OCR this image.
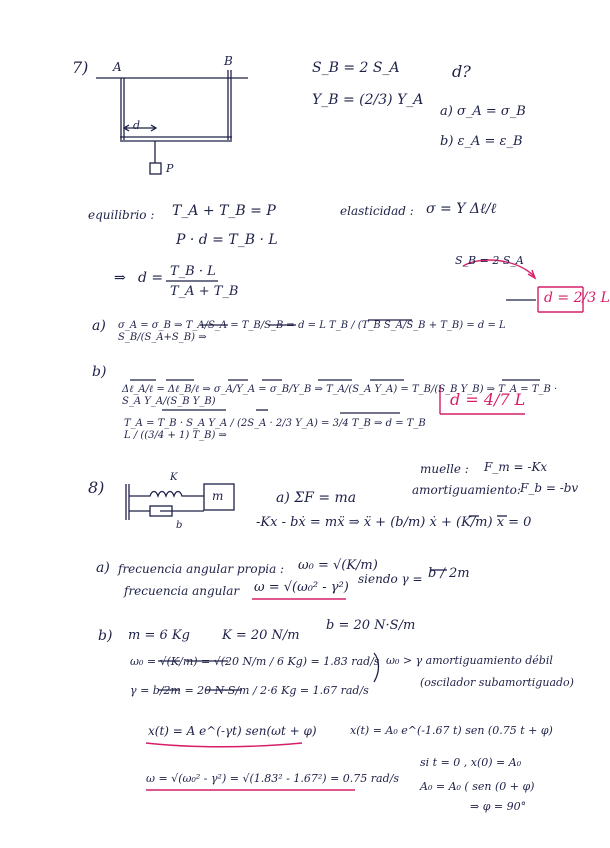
7) A	B
d
P
S_B = 2 S_A
Y_B = (2/3) Y_A
d?
a) σ_A = σ_B
b) ε_A = ε_B
equilibrio : T_A + T_B = P
P · d = T_B · L
elasticidad : σ = Y Δℓ/ℓ
⇒ d = T_B · L
T_A + T_B
S_B = 2 S_A
a) σ_A = σ_B ⇒ T_A/S_A = T_B/S_B ⇒ d = L T_B / (T_B S_A/S_B + T_B) = d = L S_B/(S_A+S_B) ⇒
d = 2/3 L
b)
Δℓ_A/ℓ = Δℓ_B/ℓ ⇒ σ_A/Y_A = σ_B/Y_B ⇒ T_A/(S_A Y_A) = T_B/(S_B Y_B) ⇒ T_A = T_B · S_A Y_A/(S_B Y_B)
T_A = T_B · S_A Y_A / (2S_A · 2/3 Y_A) = 3/4 T_B ⇒ d = T_B L / ((3/4 + 1) T_B) ⇒
d = 4/7 L
8)
K
m
b
muelle : F_m = -Kx
amortiguamiento: F_b = -bv
a) ΣF = ma
-Kx - bẋ = mẍ ⇒ ẍ + (b/m) ẋ + (K/m) x = 0
a) frecuencia angular propia : ω₀ = √(K/m)
frecuencia angular ω = √(ω₀² - γ²)
siendo γ = b / 2m
b) m = 6 Kg K = 20 N/m
b = 20 N·S/m
ω₀ = √(K/m) = √(20 N/m / 6 Kg) = 1.83 rad/s
γ = b/2m = 20 N·S/m / 2·6 Kg = 1.67 rad/s
ω₀ > γ amortiguamiento débil
(oscilador subamortiguado)
x(t) = A e^(-γt) sen(ωt + φ)	x(t) = A₀ e^(-1.67 t) sen (0.75 t + φ)
ω = √(ω₀² - γ²) = √(1.83² - 1.67²) = 0.75 rad/s
si t = 0 , x(0) = A₀
A₀ = A₀ ( sen (0 + φ)
⇒ φ = 90°
